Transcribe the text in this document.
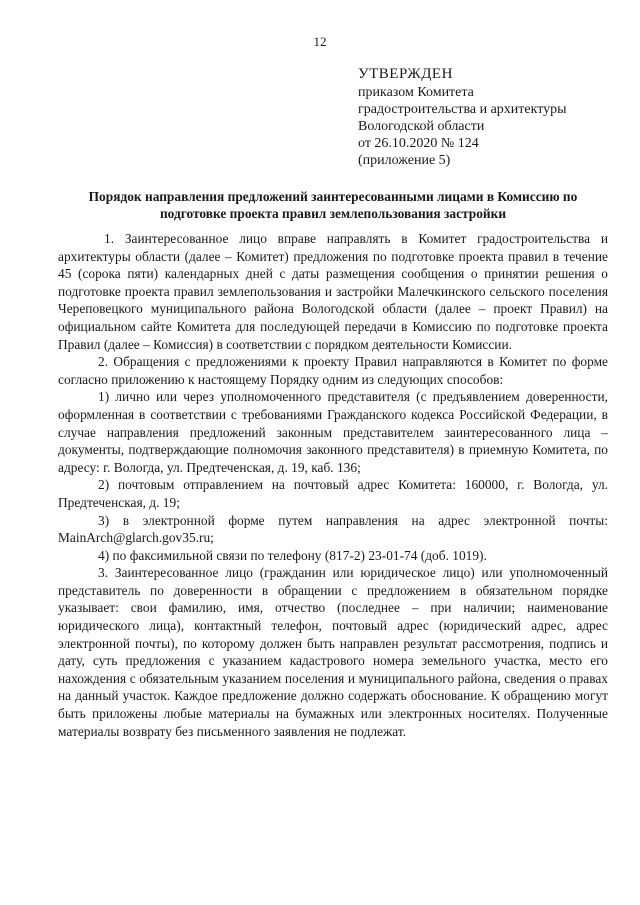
12
УТВЕРЖДЕН
приказом Комитета
градостроительства и архитектуры
Вологодской области
от 26.10.2020 № 124
(приложение 5)
Порядок направления предложений заинтересованными лицами в Комиссию по подготовке проекта правил землепользования застройки

1. Заинтересованное лицо вправе направлять в Комитет градостроительства и архитектуры области (далее – Комитет) предложения по подготовке проекта правил в течение 45 (сорока пяти) календарных дней с даты размещения сообщения о принятии решения о подготовке проекта правил землепользования и застройки Малечкинского сельского поселения Череповецкого муниципального района Вологодской области (далее – проект Правил) на официальном сайте Комитета для последующей передачи в Комиссию по подготовке проекта Правил (далее – Комиссия) в соответствии с порядком деятельности Комиссии.

2. Обращения с предложениями к проекту Правил направляются в Комитет по форме согласно приложению к настоящему Порядку одним из следующих способов:

1) лично или через уполномоченного представителя (с предъявлением доверенности, оформленная в соответствии с требованиями Гражданского кодекса Российской Федерации, в случае направления предложений законным представителем заинтересованного лица – документы, подтверждающие полномочия законного представителя) в приемную Комитета, по адресу: г. Вологда, ул. Предтеченская, д. 19, каб. 136;

2) почтовым отправлением на почтовый адрес Комитета: 160000, г. Вологда, ул. Предтеченская, д. 19;

3) в электронной форме путем направления на адрес электронной почты: MainArch@glarch.gov35.ru;

4) по факсимильной связи по телефону (817-2) 23-01-74 (доб. 1019).

3. Заинтересованное лицо (гражданин или юридическое лицо) или уполномоченный представитель по доверенности в обращении с предложением в обязательном порядке указывает: свои фамилию, имя, отчество (последнее – при наличии; наименование юридического лица), контактный телефон, почтовый адрес (юридический адрес, адрес электронной почты), по которому должен быть направлен результат рассмотрения, подпись и дату, суть предложения с указанием кадастрового номера земельного участка, место его нахождения с обязательным указанием поселения и муниципального района, сведения о правах на данный участок. Каждое предложение должно содержать обоснование. К обращению могут быть приложены любые материалы на бумажных или электронных носителях. Полученные материалы возврату без письменного заявления не подлежат.
